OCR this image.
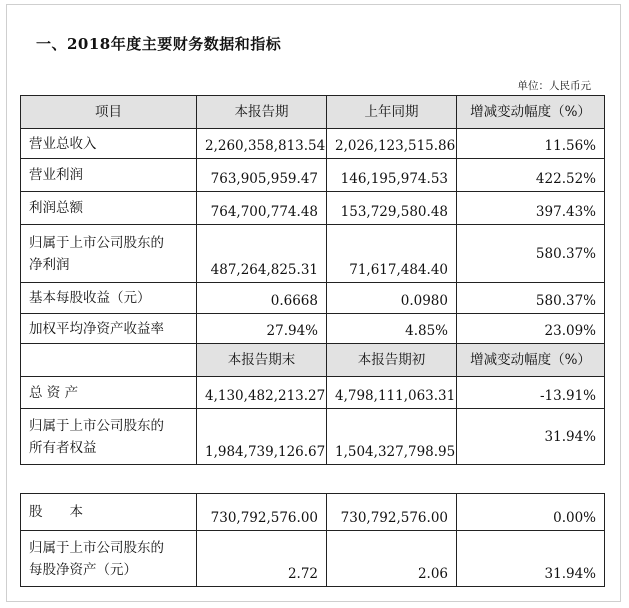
一、2018年度主要财务数据和指标
单位：人民币元
项目	本报告期	上年同期	增减变动幅度（%）
营业总收入	2,260,358,813.54	2,026,123,515.86	11.56%
营业利润	763,905,959.47	146,195,974.53	422.52%
利润总额	764,700,774.48	153,729,580.48	397.43%

归属于上市公司股东的
净利润	487,264,825.31	71,617,484.40	580.37%
基本每股收益（元）	0.6668	0.0980	580.37%
加权平均净资产收益率	27.94%	4.85%	23.09%
	本报告期末	本报告期初	增减变动幅度（%）
总 资 产	4,130,482,213.27	4,798,111,063.31	-13.91%

归属于上市公司股东的
所有者权益	1,984,739,126.67	1,504,327,798.95	31.94%
股　　本	730,792,576.00	730,792,576.00	0.00%

归属于上市公司股东的
每股净资产（元）	2.72	2.06	31.94%
